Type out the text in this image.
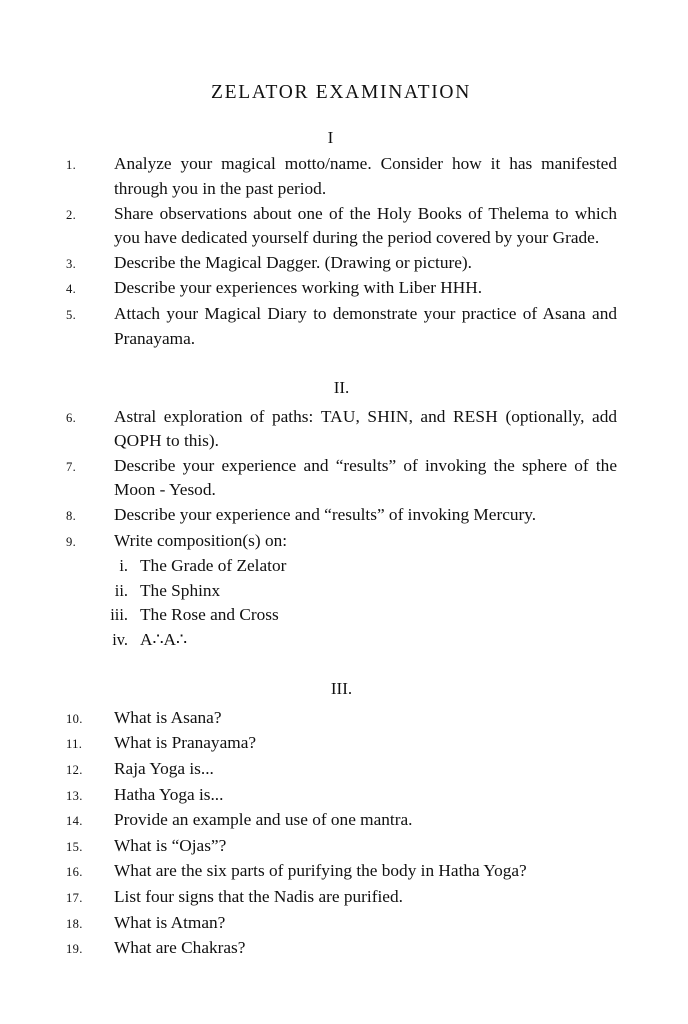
ZELATOR EXAMINATION
I
1.	Analyze your magical motto/name. Consider how it has manifested through you in the past period.
2.	Share observations about one of the Holy Books of Thelema to which you have dedicated yourself during the period covered by your Grade.
3.	Describe the Magical Dagger. (Drawing or picture).
4.	Describe your experiences working with Liber HHH.
5.	Attach your Magical Diary to demonstrate your practice of Asana and Pranayama.
II.
6.	Astral exploration of paths: TAU, SHIN, and RESH (optionally, add QOPH to this).
7.	Describe your experience and “results” of invoking the sphere of the Moon - Yesod.
8.	Describe your experience and “results” of invoking Mercury.
9.	Write composition(s) on:
i. The Grade of Zelator
ii. The Sphinx
iii. The Rose and Cross
iv. A∴A∴
III.
10.	What is Asana?
11.	What is Pranayama?
12.	Raja Yoga is...
13.	Hatha Yoga is...
14.	Provide an example and use of one mantra.
15.	What is “Ojas”?
16.	What are the six parts of purifying the body in Hatha Yoga?
17.	List four signs that the Nadis are purified.
18.	What is Atman?
19.	What are Chakras?
